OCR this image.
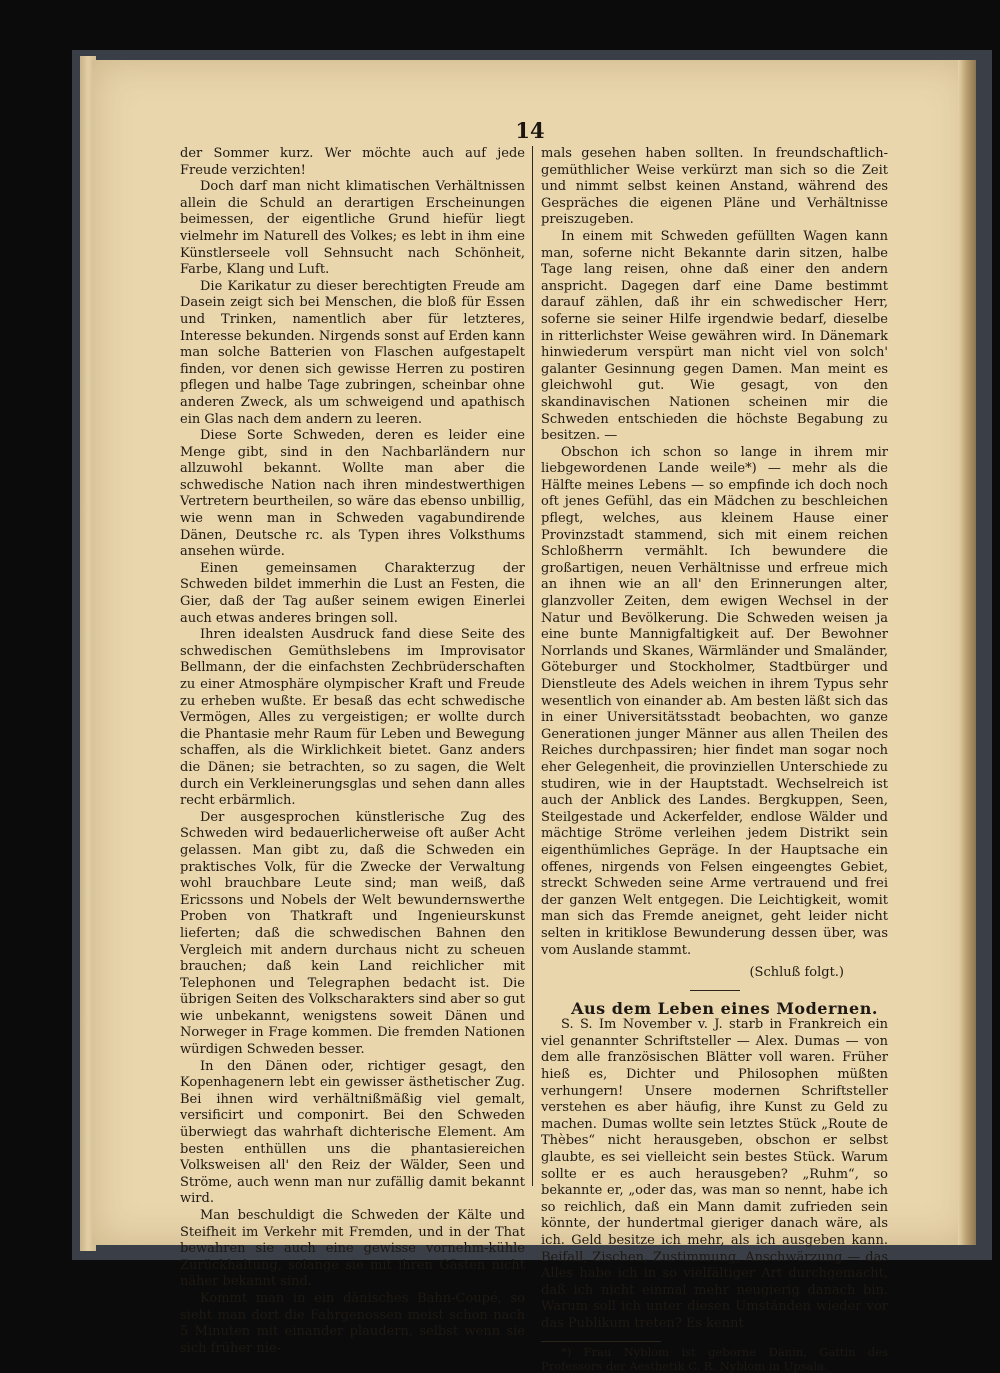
14

der Sommer kurz. Wer möchte auch auf jede Freude verzichten!

Doch darf man nicht klimatischen Verhältnissen allein die Schuld an derartigen Erscheinungen beimessen, der eigentliche Grund hiefür liegt vielmehr im Naturell des Volkes; es lebt in ihm eine Künstlerseele voll Sehnsucht nach Schönheit, Farbe, Klang und Luft.

Die Karikatur zu dieser berechtigten Freude am Dasein zeigt sich bei Menschen, die bloß für Essen und Trinken, namentlich aber für letzteres, Interesse bekunden. Nirgends sonst auf Erden kann man solche Batterien von Flaschen aufgestapelt finden, vor denen sich gewisse Herren zu postiren pflegen und halbe Tage zubringen, scheinbar ohne anderen Zweck, als um schweigend und apathisch ein Glas nach dem andern zu leeren.

Diese Sorte Schweden, deren es leider eine Menge gibt, sind in den Nachbarländern nur allzuwohl bekannt. Wollte man aber die schwedische Nation nach ihren mindestwerthigen Vertretern beurtheilen, so wäre das ebenso unbillig, wie wenn man in Schweden vagabundirende Dänen, Deutsche rc. als Typen ihres Volksthums ansehen würde.

Einen gemeinsamen Charakterzug der Schweden bildet immerhin die Lust an Festen, die Gier, daß der Tag außer seinem ewigen Einerlei auch etwas anderes bringen soll.

Ihren idealsten Ausdruck fand diese Seite des schwedischen Gemüthslebens im Improvisator Bellmann, der die einfachsten Zechbrüderschaften zu einer Atmosphäre olympischer Kraft und Freude zu erheben wußte. Er besaß das echt schwedische Vermögen, Alles zu vergeistigen; er wollte durch die Phantasie mehr Raum für Leben und Bewegung schaffen, als die Wirklichkeit bietet. Ganz anders die Dänen; sie betrachten, so zu sagen, die Welt durch ein Verkleinerungsglas und sehen dann alles recht erbärmlich.

Der ausgesprochen künstlerische Zug des Schweden wird bedauerlicherweise oft außer Acht gelassen. Man gibt zu, daß die Schweden ein praktisches Volk, für die Zwecke der Verwaltung wohl brauchbare Leute sind; man weiß, daß Ericssons und Nobels der Welt bewundernswerthe Proben von Thatkraft und Ingenieurskunst lieferten; daß die schwedischen Bahnen den Vergleich mit andern durchaus nicht zu scheuen brauchen; daß kein Land reichlicher mit Telephonen und Telegraphen bedacht ist. Die übrigen Seiten des Volkscharakters sind aber so gut wie unbekannt, wenigstens soweit Dänen und Norweger in Frage kommen. Die fremden Nationen würdigen Schweden besser.

In den Dänen oder, richtiger gesagt, den Kopenhagenern lebt ein gewisser ästhetischer Zug. Bei ihnen wird verhältnißmäßig viel gemalt, versificirt und componirt. Bei den Schweden überwiegt das wahrhaft dichterische Element. Am besten enthüllen uns die phantasiereichen Volksweisen all' den Reiz der Wälder, Seen und Ströme, auch wenn man nur zufällig damit bekannt wird.

Man beschuldigt die Schweden der Kälte und Steifheit im Verkehr mit Fremden, und in der That bewahren sie auch eine gewisse vornehm-kühle Zurückhaltung, solange sie mit ihren Gästen nicht näher bekannt sind.

Kommt man in ein dänisches Bahn-Coupé, so sieht man dort die Fahrgenossen meist schon nach 5 Minuten mit einander plaudern, selbst wenn sie sich früher nie-

mals gesehen haben sollten. In freundschaftlich-gemüthlicher Weise verkürzt man sich so die Zeit und nimmt selbst keinen Anstand, während des Gespräches die eigenen Pläne und Verhältnisse preiszugeben.

In einem mit Schweden gefüllten Wagen kann man, soferne nicht Bekannte darin sitzen, halbe Tage lang reisen, ohne daß einer den andern anspricht. Dagegen darf eine Dame bestimmt darauf zählen, daß ihr ein schwedischer Herr, soferne sie seiner Hilfe irgendwie bedarf, dieselbe in ritterlichster Weise gewähren wird. In Dänemark hinwiederum verspürt man nicht viel von solch' galanter Gesinnung gegen Damen. Man meint es gleichwohl gut. Wie gesagt, von den skandinavischen Nationen scheinen mir die Schweden entschieden die höchste Begabung zu besitzen. —

Obschon ich schon so lange in ihrem mir liebgewordenen Lande weile*) — mehr als die Hälfte meines Lebens — so empfinde ich doch noch oft jenes Gefühl, das ein Mädchen zu beschleichen pflegt, welches, aus kleinem Hause einer Provinzstadt stammend, sich mit einem reichen Schloßherrn vermählt. Ich bewundere die großartigen, neuen Verhältnisse und erfreue mich an ihnen wie an all' den Erinnerungen alter, glanzvoller Zeiten, dem ewigen Wechsel in der Natur und Bevölkerung. Die Schweden weisen ja eine bunte Mannigfaltigkeit auf. Der Bewohner Norrlands und Skanes, Wärmländer und Smaländer, Göteburger und Stockholmer, Stadtbürger und Dienstleute des Adels weichen in ihrem Typus sehr wesentlich von einander ab. Am besten läßt sich das in einer Universitätsstadt beobachten, wo ganze Generationen junger Männer aus allen Theilen des Reiches durchpassiren; hier findet man sogar noch eher Gelegenheit, die provinziellen Unterschiede zu studiren, wie in der Hauptstadt. Wechselreich ist auch der Anblick des Landes. Bergkuppen, Seen, Steilgestade und Ackerfelder, endlose Wälder und mächtige Ströme verleihen jedem Distrikt sein eigenthümliches Gepräge. In der Hauptsache ein offenes, nirgends von Felsen eingeengtes Gebiet, streckt Schweden seine Arme vertrauend und frei der ganzen Welt entgegen. Die Leichtigkeit, womit man sich das Fremde aneignet, geht leider nicht selten in kritiklose Bewunderung dessen über, was vom Auslande stammt.

(Schluß folgt.)

Aus dem Leben eines Modernen.

S. S. Im November v. J. starb in Frankreich ein viel genannter Schriftsteller — Alex. Dumas — von dem alle französischen Blätter voll waren. Früher hieß es, Dichter und Philosophen müßten verhungern! Unsere modernen Schriftsteller verstehen es aber häufig, ihre Kunst zu Geld zu machen. Dumas wollte sein letztes Stück „Route de Thèbes“ nicht herausgeben, obschon er selbst glaubte, es sei vielleicht sein bestes Stück. Warum sollte er es auch herausgeben? „Ruhm“, so bekannte er, „oder das, was man so nennt, habe ich so reichlich, daß ein Mann damit zufrieden sein könnte, der hundertmal gieriger danach wäre, als ich. Geld besitze ich mehr, als ich ausgeben kann. Beifall, Zischen, Zustimmung, Anschwärzung — das Alles habe ich in so vielfältiger Art durchgemacht, daß ich nicht einmal mehr neugierig danach bin. Warum soll ich unter diesen Umständen wieder vor das Publikum treten? Es kennt

*) Frau Nyblom ist geborne Dänin, Gattin des Professors der Aesthetik C. R. Nyblom in Upsala.
